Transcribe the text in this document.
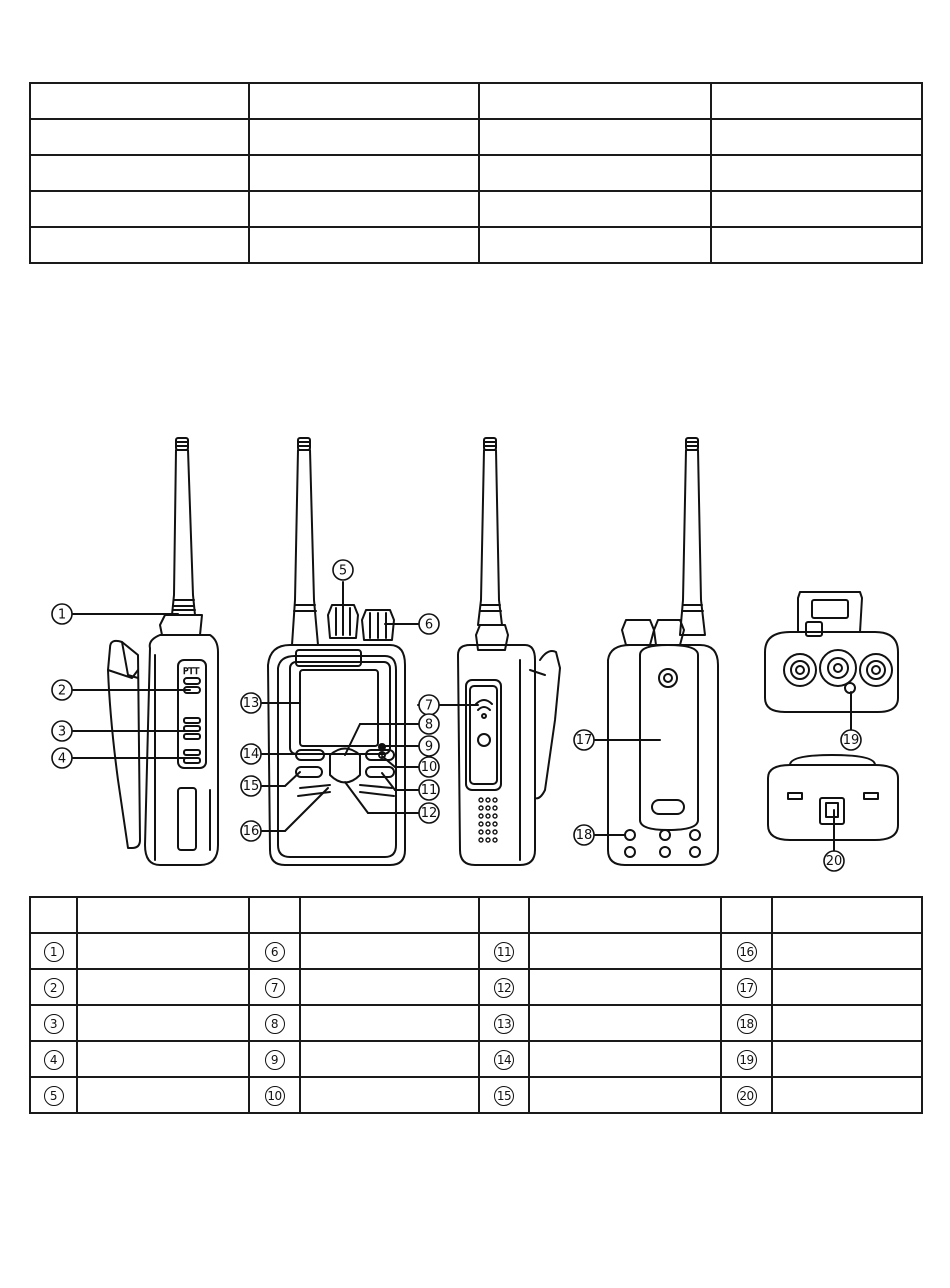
PTT
1
2
3
4
5
6
7
8
9
10
11
12
13
14
15
16
17
18
19
20

1		6		11		16	
2		7		12		17	
3		8		13		18	
4		9		14		19	
5		10		15		20	
